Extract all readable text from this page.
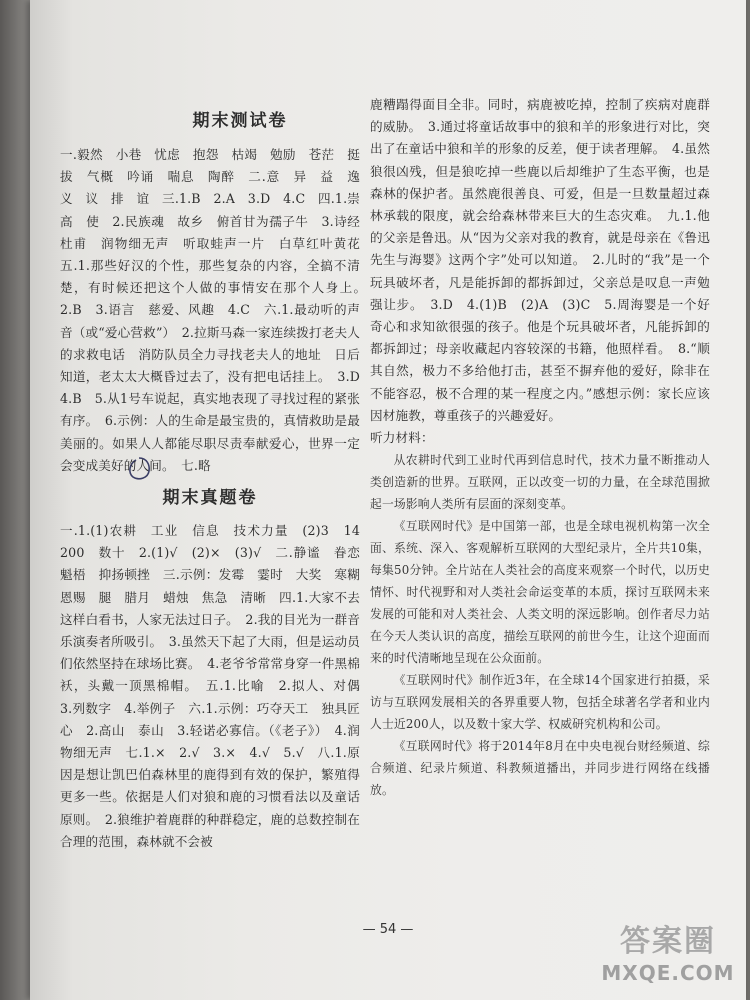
期末测试卷

一.毅然　小巷　忧虑　抱怨　枯竭　勉励　苍茫　挺拔　气概　吟诵　喘息　陶醉　二.意　异　益　逸　义　议　排　谊　三.1.B　2.A　3.D　4.C　四.1.崇高　使　2.民族魂　故乡　俯首甘为孺子牛　3.诗经　杜甫　润物细无声　听取蛙声一片　白草红叶黄花　五.1.那些好汉的个性，那些复杂的内容，全搞不清楚，有时候还把这个人做的事情安在那个人身上。　2.B　3.语言　慈爱、风趣　4.C　六.1.最动听的声音（或“爱心营救”）　2.拉斯马森一家连续拨打老夫人的求救电话　消防队员全力寻找老夫人的地址　日后知道，老太太大概昏过去了，没有把电话挂上。　3.D　4.B　5.从1号车说起，真实地表现了寻找过程的紧张有序。　6.示例：人的生命是最宝贵的，真情救助是最美丽的。如果人人都能尽职尽责奉献爱心，世界一定会变成美好的人间。　七.略

期末真题卷

一.1.(1)农耕　工业　信息　技术力量　(2)3　14　200　数十　2.(1)√　(2)×　(3)√　二.静谧　眷恋　魁梧　抑扬顿挫　三.示例：发霉　霎时　大奖　寒糊　恩赐　腿　腊月　蜡烛　焦急　清晰　四.1.大家不去这样白看书，人家无法过日子。　2.我的目光为一群音乐演奏者所吸引。　3.虽然天下起了大雨，但是运动员们依然坚持在球场比赛。　4.老爷爷常常身穿一件黑棉袄，头戴一顶黑棉帽。　五.1.比喻　2.拟人、对偶　3.列数字　4.举例子　六.1.示例：巧夺天工　独具匠心　2.高山　泰山　3.轻诺必寡信。（《老子》）　4.润物细无声　七.1.×　2.√　3.×　4.√　5.√　八.1.原因是想让凯巴伯森林里的鹿得到有效的保护，繁殖得更多一些。依据是人们对狼和鹿的习惯看法以及童话原则。　2.狼维护着鹿群的种群稳定，鹿的总数控制在合理的范围，森林就不会被

鹿糟蹋得面目全非。同时，病鹿被吃掉，控制了疾病对鹿群的威胁。　3.通过将童话故事中的狼和羊的形象进行对比，突出了在童话中狼和羊的形象的反差，便于读者理解。　4.虽然狼很凶残，但是狼吃掉一些鹿以后却维护了生态平衡，也是森林的保护者。虽然鹿很善良、可爱，但是一旦数量超过森林承载的限度，就会给森林带来巨大的生态灾难。　九.1.他的父亲是鲁迅。从“因为父亲对我的教育，就是母亲在《鲁迅先生与海婴》这两个字”处可以知道。　2.儿时的“我”是一个玩具破坏者，凡是能拆卸的都拆卸过，父亲总是叹息一声勉强让步。　3.D　4.(1)B　(2)A　(3)C　5.周海婴是一个好奇心和求知欲很强的孩子。他是个玩具破坏者，凡能拆卸的都拆卸过；母亲收藏起内容较深的书籍，他照样看。　8.“顺其自然，极力不多给他打击，甚至不摒弃他的爱好，除非在不能容忍，极不合理的某一程度之内。”感想示例：家长应该因材施教，尊重孩子的兴趣爱好。

听力材料：

从农耕时代到工业时代再到信息时代，技术力量不断推动人类创造新的世界。互联网，正以改变一切的力量，在全球范围掀起一场影响人类所有层面的深刻变革。

《互联网时代》是中国第一部，也是全球电视机构第一次全面、系统、深入、客观解析互联网的大型纪录片，全片共10集，每集50分钟。全片站在人类社会的高度来观察一个时代，以历史情怀、时代视野和对人类社会命运变革的本质，探讨互联网未来发展的可能和对人类社会、人类文明的深远影响。创作者尽力站在今天人类认识的高度，描绘互联网的前世今生，让这个迎面而来的时代清晰地呈现在公众面前。

《互联网时代》制作近3年，在全球14个国家进行拍摄，采访与互联网发展相关的各界重要人物，包括全球著名学者和业内人士近200人，以及数十家大学、权威研究机构和公司。

《互联网时代》将于2014年8月在中央电视台财经频道、综合频道、纪录片频道、科教频道播出，并同步进行网络在线播放。

— 54 —	答案圈
MXQE.COM
